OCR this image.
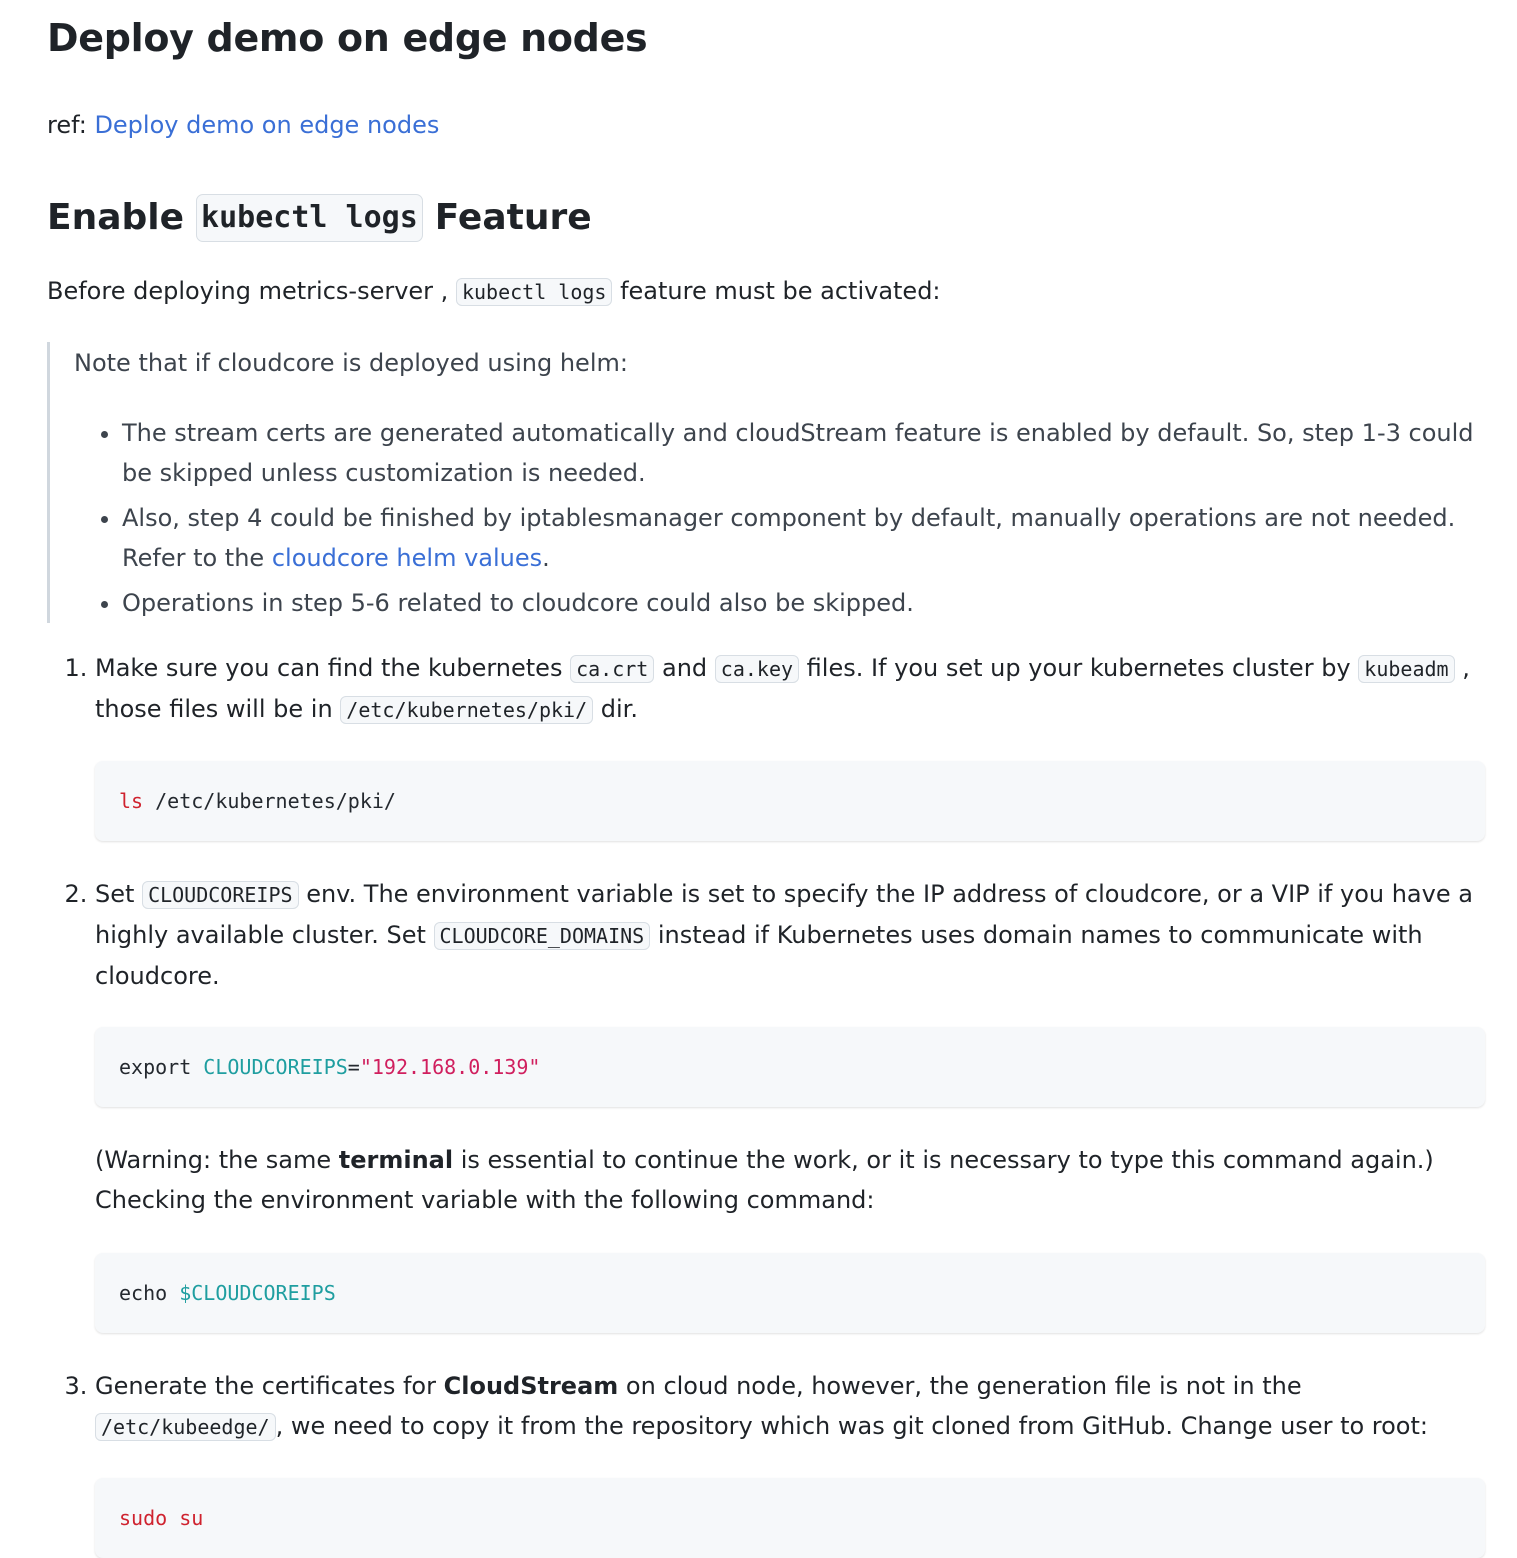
Deploy demo on edge nodes

ref: Deploy demo on edge nodes

Enable kubectl logs Feature

Before deploying metrics-server , kubectl logs feature must be activated:

Note that if cloudcore is deployed using helm:

• The stream certs are generated automatically and cloudStream feature is enabled by default. So, step 1-3 could be skipped unless customization is needed.
• Also, step 4 could be finished by iptablesmanager component by default, manually operations are not needed. Refer to the cloudcore helm values.
• Operations in step 5-6 related to cloudcore could also be skipped.

1. Make sure you can find the kubernetes ca.crt and ca.key files. If you set up your kubernetes cluster by kubeadm , those files will be in /etc/kubernetes/pki/ dir.

ls /etc/kubernetes/pki/

2. Set CLOUDCOREIPS env. The environment variable is set to specify the IP address of cloudcore, or a VIP if you have a highly available cluster. Set CLOUDCORE_DOMAINS instead if Kubernetes uses domain names to communicate with cloudcore.

export CLOUDCOREIPS="192.168.0.139"

(Warning: the same terminal is essential to continue the work, or it is necessary to type this command again.) Checking the environment variable with the following command:

echo $CLOUDCOREIPS

3. Generate the certificates for CloudStream on cloud node, however, the generation file is not in the /etc/kubeedge/ , we need to copy it from the repository which was git cloned from GitHub. Change user to root:

sudo su
